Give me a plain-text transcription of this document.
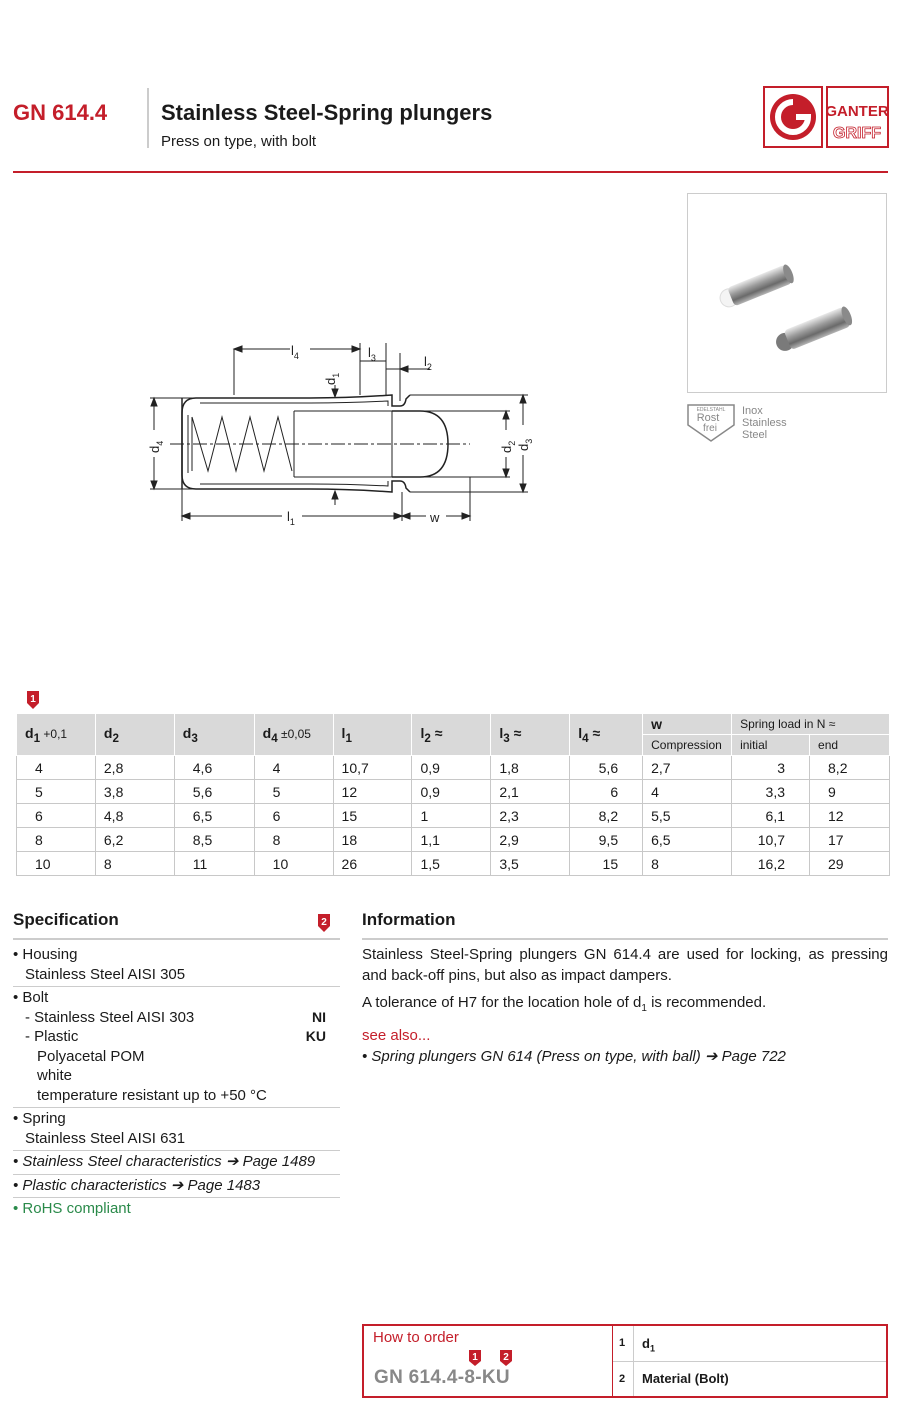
GN 614.4 Stainless Steel-Spring plungers
Press on type, with bolt
GANTER
GRIFF
EDELSTAHL
Rost
frei
Inox
Stainless
Steel
$l_4$	$l_3$	$l_2$
$d_1$
$d_4$
$d_2$
$d_3$
$l_1$	w
1
$d_1 +0,1$	$d_2$	$d_3$	$d_4 \pm 0,05$	$l_1$	$l_2$ ≈	$l_3$ ≈	$l_4$ ≈	w	Spring load in N ≈	
								Compression	initial	end
4	2,8	4,6	4	10,7	0,9	1,8	5,6	2,7	3	8,2
5	3,8	5,6	5	12	0,9	2,1	6	4	3,3	9
6	4,8	6,5	6	15	1	2,3	8,2	5,5	6,1	12
8	6,2	8,5	8	18	1,1	2,9	9,5	6,5	10,7	17
10	8	11	10	26	1,5	3,5	15	8	16,2	29
Specification	2
• Housing
Stainless Steel AISI 305
• Bolt
- Stainless Steel AISI 303	NI
- Plastic	KU
Polyacetal POM
white
temperature resistant up to +50 °C
• Spring
Stainless Steel AISI 631
• Stainless Steel characteristics ➔ Page 1489
• Plastic characteristics ➔ Page 1483
• RoHS compliant
Information

Stainless Steel-Spring plungers GN 614.4 are used for locking, as pressing and back-off pins, but also as impact dampers.

A tolerance of H7 for the location hole of $d_1$ is recommended.

see also...
• Spring plungers GN 614 (Press on type, with ball) ➔ Page 722
How to order
1	2
GN 614.4-8-KU
1 $d_1$
2 Material (Bolt)
